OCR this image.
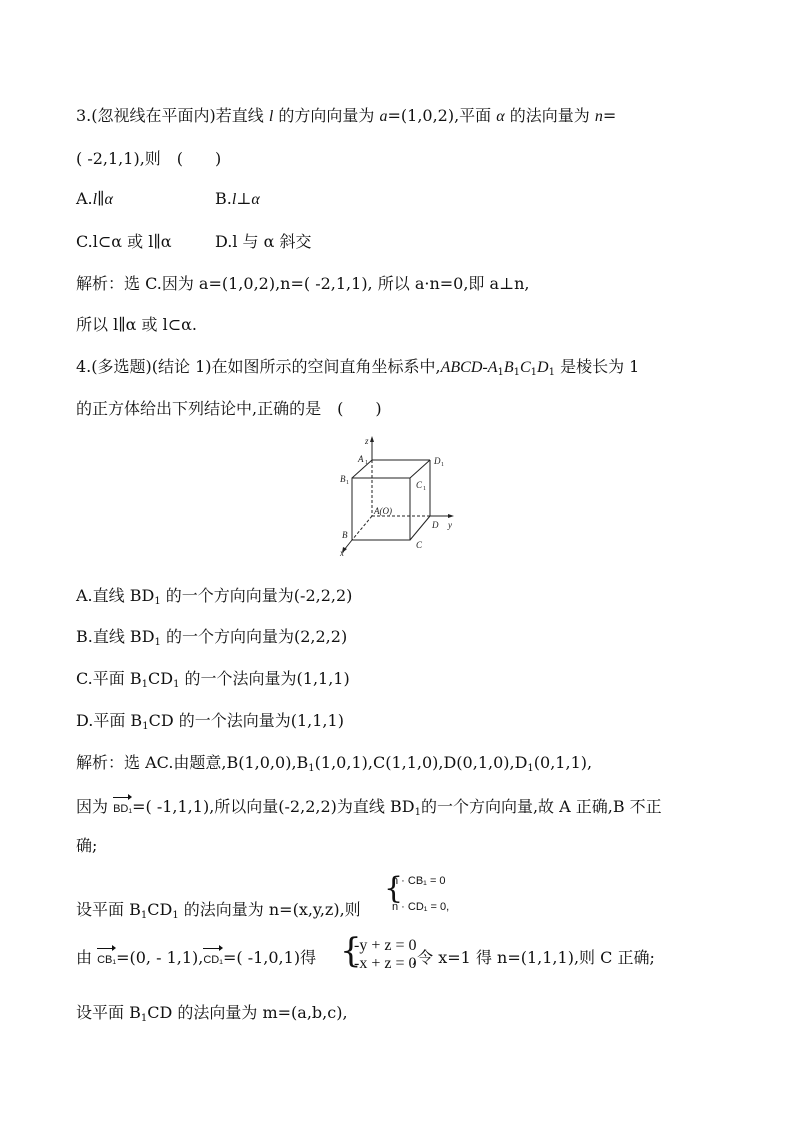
3.(忽视线在平面内)若直线 l 的方向向量为 a=(1,0,2),平面 α 的法向量为 n=
( -2,1,1),则　(　　)
A.l∥α	B.l⊥α
C.l⊂α 或 l∥α	D.l 与 α 斜交
解析：选 C.因为 a=(1,0,2),n=( -2,1,1), 所以 a·n=0,即 a⊥n,
所以 l∥α 或 l⊂α.
4.(多选题)(结论 1)在如图所示的空间直角坐标系中$,ABCD-A_1B_1C_1D_1$ 是棱长为 1
的正方体给出下列结论中,正确的是　(　　)
z
A 1	D 1
B 1	C 1
A(O)
D y
B
C
x
A.直线 $BD_1$ 的一个方向向量为(-2,2,2)
B.直线 $BD_1$ 的一个方向向量为(2,2,2)
C.平面 $B_1CD_1$ 的一个法向量为(1,1,1)
D.平面 $B_1CD$ 的一个法向量为(1,1,1)
解析：选 AC.由题意$,B(1,0,0),B_1(1,0,1),C(1,1,0),D(0,1,0),D_1(0,1,1)$,
因为 BD₁=( -1,1,1),所以向量(-2,2,2)为直线 $BD_1$的一个方向向量,故 A 正确,B 不正
确;
设平面 $B_1CD_1$ 的法向量为 n=(x,y,z),则
{
n · CB₁ = 0
n · CD₁ = 0,
由 CB₁=(0, - 1,1),CD₁=( -1,0,1)得	,令 x=1 得 n=(1,1,1),则 C 正确;
{
-y + z = 0
-x + z = 0
设平面 $B_1CD$ 的法向量为 m=(a,b,c),
